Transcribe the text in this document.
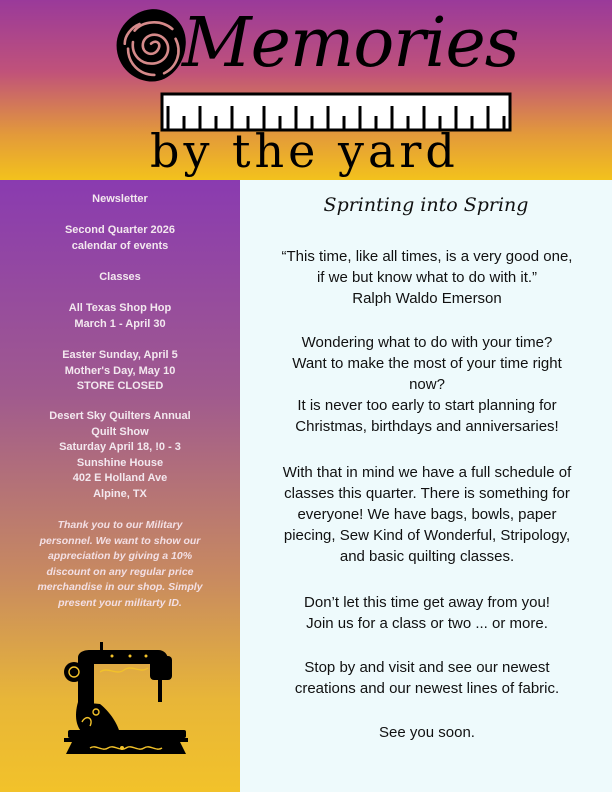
Memories
by the yard
Newsletter
Second Quarter 2026
calendar of events
Classes
All Texas Shop Hop
March 1 - April 30
Easter Sunday, April 5
Mother's Day, May 10
STORE CLOSED
Desert Sky Quilters Annual
Quilt Show
Saturday April 18, !0 - 3
Sunshine House
402 E Holland Ave
Alpine, TX
Thank you to our Military personnel. We want to show our appreciation by giving a 10% discount on any regular price merchandise in our shop. Simply present your militarty ID.
Sprinting into Spring
“This time, like all times, is a very good one,
if we but know what to do with it.”
Ralph Waldo Emerson
Wondering what to do with your time?
Want to make the most of your time right
now?
It is never too early to start planning for
Christmas, birthdays and anniversaries!
With that in mind we have a full schedule of
classes this quarter. There is something for
everyone! We have bags, bowls, paper
piecing, Sew Kind of Wonderful, Stripology,
and basic quilting classes.
Don’t let this time get away from you!
Join us for a class or two ... or more.
Stop by and visit and see our newest
creations and our newest lines of fabric.
See you soon.
